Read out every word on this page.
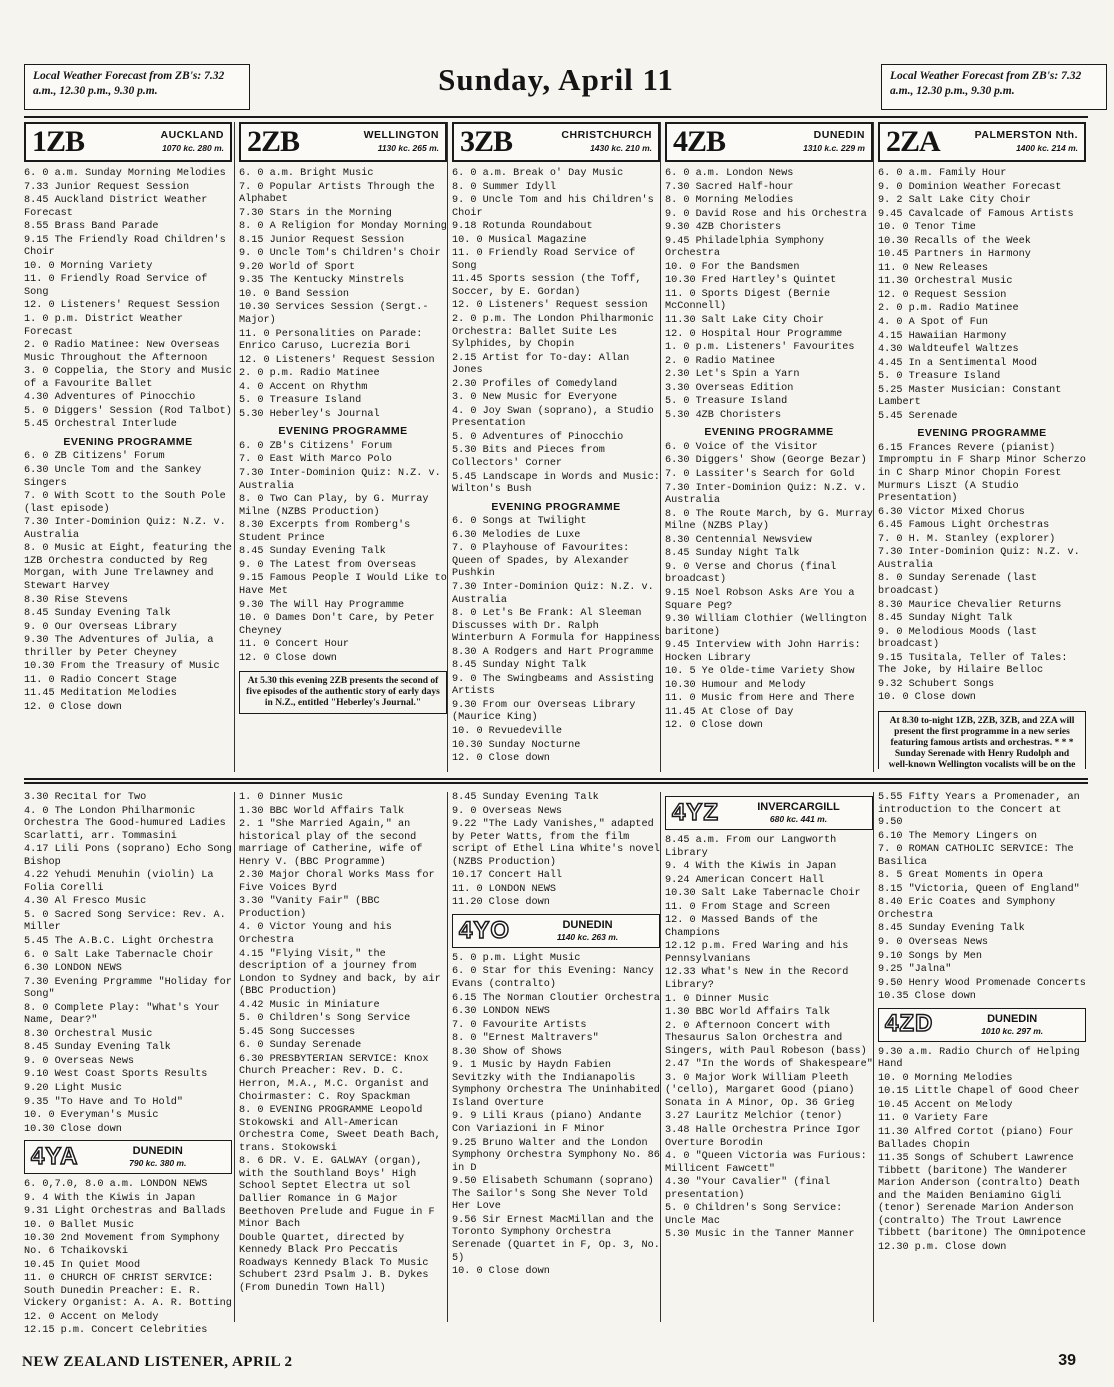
Local Weather Forecast from ZB's: 7.32 a.m., 12.30 p.m., 9.30 p.m.	Sunday, April 11	Local Weather Forecast from ZB's: 7.32 a.m., 12.30 p.m., 9.30 p.m.
1ZB	AUCKLAND
1070 kc. 280 m.
6. 0 a.m. Sunday Morning Melodies
7.33 Junior Request Session
8.45 Auckland District Weather Forecast
8.55 Brass Band Parade
9.15 The Friendly Road Children's Choir
10. 0 Morning Variety
11. 0 Friendly Road Service of Song
12. 0 Listeners' Request Session
1. 0 p.m. District Weather Forecast
2. 0 Radio Matinee: New Overseas Music Throughout the Afternoon
3. 0 Coppelia, the Story and Music of a Favourite Ballet
4.30 Adventures of Pinocchio
5. 0 Diggers' Session (Rod Talbot)
5.45 Orchestral Interlude
EVENING PROGRAMME
6. 0 ZB Citizens' Forum
6.30 Uncle Tom and the Sankey Singers
7. 0 With Scott to the South Pole (last episode)
7.30 Inter-Dominion Quiz: N.Z. v. Australia
8. 0 Music at Eight, featuring the 1ZB Orchestra conducted by Reg Morgan, with June Trelawney and Stewart Harvey
8.30 Rise Stevens
8.45 Sunday Evening Talk
9. 0 Our Overseas Library
9.30 The Adventures of Julia, a thriller by Peter Cheyney
10.30 From the Treasury of Music
11. 0 Radio Concert Stage
11.45 Meditation Melodies
12. 0 Close down
2ZB	WELLINGTON
1130 kc. 265 m.
6. 0 a.m. Bright Music
7. 0 Popular Artists Through the Alphabet
7.30 Stars in the Morning
8. 0 A Religion for Monday Morning
8.15 Junior Request Session
9. 0 Uncle Tom's Children's Choir
9.20 World of Sport
9.35 The Kentucky Minstrels
10. 0 Band Session
10.30 Services Session (Sergt.-Major)
11. 0 Personalities on Parade: Enrico Caruso, Lucrezia Bori
12. 0 Listeners' Request Session
2. 0 p.m. Radio Matinee
4. 0 Accent on Rhythm
5. 0 Treasure Island
5.30 Heberley's Journal
EVENING PROGRAMME
6. 0 ZB's Citizens' Forum
7. 0 East With Marco Polo
7.30 Inter-Dominion Quiz: N.Z. v. Australia
8. 0 Two Can Play, by G. Murray Milne (NZBS Production)
8.30 Excerpts from Romberg's Student Prince
8.45 Sunday Evening Talk
9. 0 The Latest from Overseas
9.15 Famous People I Would Like to Have Met
9.30 The Will Hay Programme
10. 0 Dames Don't Care, by Peter Cheyney
11. 0 Concert Hour
12. 0 Close down
At 5.30 this evening 2ZB presents the second of five episodes of the authentic story of early days in N.Z., entitled "Heberley's Journal."
3ZB	CHRISTCHURCH
1430 kc. 210 m.
6. 0 a.m. Break o' Day Music
8. 0 Summer Idyll
9. 0 Uncle Tom and his Children's Choir
9.18 Rotunda Roundabout
10. 0 Musical Magazine
11. 0 Friendly Road Service of Song
11.45 Sports session (the Toff, Soccer, by E. Gordan)
12. 0 Listeners' Request session
2. 0 p.m. The London Philharmonic Orchestra: Ballet Suite Les Sylphides, by Chopin
2.15 Artist for To-day: Allan Jones
2.30 Profiles of Comedyland
3. 0 New Music for Everyone
4. 0 Joy Swan (soprano), a Studio Presentation
5. 0 Adventures of Pinocchio
5.30 Bits and Pieces from Collectors' Corner
5.45 Landscape in Words and Music: Wilton's Bush
EVENING PROGRAMME
6. 0 Songs at Twilight
6.30 Melodies de Luxe
7. 0 Playhouse of Favourites: Queen of Spades, by Alexander Pushkin
7.30 Inter-Dominion Quiz: N.Z. v. Australia
8. 0 Let's Be Frank: Al Sleeman Discusses with Dr. Ralph Winterburn A Formula for Happiness
8.30 A Rodgers and Hart Programme
8.45 Sunday Night Talk
9. 0 The Swingbeams and Assisting Artists
9.30 From our Overseas Library (Maurice King)
10. 0 Revuedeville
10.30 Sunday Nocturne
12. 0 Close down
4ZB	DUNEDIN
1310 k.c. 229 m
6. 0 a.m. London News
7.30 Sacred Half-hour
8. 0 Morning Melodies
9. 0 David Rose and his Orchestra
9.30 4ZB Choristers
9.45 Philadelphia Symphony Orchestra
10. 0 For the Bandsmen
10.30 Fred Hartley's Quintet
11. 0 Sports Digest (Bernie McConnell)
11.30 Salt Lake City Choir
12. 0 Hospital Hour Programme
1. 0 p.m. Listeners' Favourites
2. 0 Radio Matinee
2.30 Let's Spin a Yarn
3.30 Overseas Edition
5. 0 Treasure Island
5.30 4ZB Choristers
EVENING PROGRAMME
6. 0 Voice of the Visitor
6.30 Diggers' Show (George Bezar)
7. 0 Lassiter's Search for Gold
7.30 Inter-Dominion Quiz: N.Z. v. Australia
8. 0 The Route March, by G. Murray Milne (NZBS Play)
8.30 Centennial Newsview
8.45 Sunday Night Talk
9. 0 Verse and Chorus (final broadcast)
9.15 Noel Robson Asks Are You a Square Peg?
9.30 William Clothier (Wellington baritone)
9.45 Interview with John Harris: Hocken Library
10. 5 Ye Olde-time Variety Show
10.30 Humour and Melody
11. 0 Music from Here and There
11.45 At Close of Day
12. 0 Close down
2ZA	PALMERSTON Nth.
1400 kc. 214 m.
6. 0 a.m. Family Hour
9. 0 Dominion Weather Forecast
9. 2 Salt Lake City Choir
9.45 Cavalcade of Famous Artists
10. 0 Tenor Time
10.30 Recalls of the Week
10.45 Partners in Harmony
11. 0 New Releases
11.30 Orchestral Music
12. 0 Request Session
2. 0 p.m. Radio Matinee
4. 0 A Spot of Fun
4.15 Hawaiian Harmony
4.30 Waldteufel Waltzes
4.45 In a Sentimental Mood
5. 0 Treasure Island
5.25 Master Musician: Constant Lambert
5.45 Serenade
EVENING PROGRAMME
6.15 Frances Revere (pianist) Impromptu in F Sharp Minor Scherzo in C Sharp Minor Chopin Forest Murmurs Liszt (A Studio Presentation)
6.30 Victor Mixed Chorus
6.45 Famous Light Orchestras
7. 0 H. M. Stanley (explorer)
7.30 Inter-Dominion Quiz: N.Z. v. Australia
8. 0 Sunday Serenade (last broadcast)
8.30 Maurice Chevalier Returns
8.45 Sunday Night Talk
9. 0 Melodious Moods (last broadcast)
9.15 Tusitala, Teller of Tales: The Joke, by Hilaire Belloc
9.32 Schubert Songs
10. 0 Close down
At 8.30 to-night 1ZB, 2ZB, 3ZB, and 2ZA will present the first programme in a new series featuring famous artists and orchestras. * * * Sunday Serenade with Henry Rudolph and well-known Wellington vocalists will be on the
3.30 Recital for Two
4. 0 The London Philharmonic Orchestra The Good-humured Ladies Scarlatti, arr. Tommasini
4.17 Lili Pons (soprano) Echo Song Bishop
4.22 Yehudi Menuhin (violin) La Folia Corelli
4.30 Al Fresco Music
5. 0 Sacred Song Service: Rev. A. Miller
5.45 The A.B.C. Light Orchestra
6. 0 Salt Lake Tabernacle Choir
6.30 LONDON NEWS
7.30 Evening Prgramme "Holiday for Song"
8. 0 Complete Play: "What's Your Name, Dear?"
8.30 Orchestral Music
8.45 Sunday Evening Talk
9. 0 Overseas News
9.10 West Coast Sports Results
9.20 Light Music
9.35 "To Have and To Hold"
10. 0 Everyman's Music
10.30 Close down
4YA	DUNEDIN
790 kc. 380 m.
6. 0,7.0, 8.0 a.m. LONDON NEWS
9. 4 With the Kiwis in Japan
9.31 Light Orchestras and Ballads
10. 0 Ballet Music
10.30 2nd Movement from Symphony No. 6 Tchaikovski
10.45 In Quiet Mood
11. 0 CHURCH OF CHRIST SERVICE: South Dunedin Preacher: E. R. Vickery Organist: A. A. R. Botting
12. 0 Accent on Melody
12.15 p.m. Concert Celebrities
1. 0 Dinner Music
1.30 BBC World Affairs Talk
2. 1 "She Married Again," an historical play of the second marriage of Catherine, wife of Henry V. (BBC Programme)
2.30 Major Choral Works Mass for Five Voices Byrd
3.30 "Vanity Fair" (BBC Production)
4. 0 Victor Young and his Orchestra
4.15 "Flying Visit," the description of a journey from London to Sydney and back, by air (BBC Production)
4.42 Music in Miniature
5. 0 Children's Song Service
5.45 Song Successes
6. 0 Sunday Serenade
6.30 PRESBYTERIAN SERVICE: Knox Church Preacher: Rev. D. C. Herron, M.A., M.C. Organist and Choirmaster: C. Roy Spackman
8. 0 EVENING PROGRAMME Leopold Stokowski and All-American Orchestra Come, Sweet Death Bach, trans. Stokowski
8. 6 DR. V. E. GALWAY (organ), with the Southland Boys' High School Septet Electra ut sol Dallier Romance in G Major Beethoven Prelude and Fugue in F Minor Bach
Double Quartet, directed by Kennedy Black Pro Peccatis Roadways Kennedy Black To Music Schubert 23rd Psalm J. B. Dykes (From Dunedin Town Hall)
8.45 Sunday Evening Talk
9. 0 Overseas News
9.22 "The Lady Vanishes," adapted by Peter Watts, from the film script of Ethel Lina White's novel (NZBS Production)
10.17 Concert Hall
11. 0 LONDON NEWS
11.20 Close down
4YO	DUNEDIN
1140 kc. 263 m.
5. 0 p.m. Light Music
6. 0 Star for this Evening: Nancy Evans (contralto)
6.15 The Norman Cloutier Orchestra
6.30 LONDON NEWS
7. 0 Favourite Artists
8. 0 "Ernest Maltravers"
8.30 Show of Shows
9. 1 Music by Haydn Fabien Sevitzky with the Indianapolis Symphony Orchestra The Uninhabited Island Overture
9. 9 Lili Kraus (piano) Andante Con Variazioni in F Minor
9.25 Bruno Walter and the London Symphony Orchestra Symphony No. 86 in D
9.50 Elisabeth Schumann (soprano) The Sailor's Song She Never Told Her Love
9.56 Sir Ernest MacMillan and the Toronto Symphony Orchestra Serenade (Quartet in F, Op. 3, No. 5)
10. 0 Close down
4YZ	INVERCARGILL
680 kc. 441 m.
8.45 a.m. From our Langworth Library
9. 4 With the Kiwis in Japan
9.24 American Concert Hall
10.30 Salt Lake Tabernacle Choir
11. 0 From Stage and Screen
12. 0 Massed Bands of the Champions
12.12 p.m. Fred Waring and his Pennsylvanians
12.33 What's New in the Record Library?
1. 0 Dinner Music
1.30 BBC World Affairs Talk
2. 0 Afternoon Concert with Thesaurus Salon Orchestra and Singers, with Paul Robeson (bass)
2.47 "In the Words of Shakespeare"
3. 0 Major Work William Pleeth ('cello), Margaret Good (piano) Sonata in A Minor, Op. 36 Grieg
3.27 Lauritz Melchior (tenor)
3.48 Halle Orchestra Prince Igor Overture Borodin
4. 0 "Queen Victoria was Furious: Millicent Fawcett"
4.30 "Your Cavalier" (final presentation)
5. 0 Children's Song Service: Uncle Mac
5.30 Music in the Tanner Manner
5.55 Fifty Years a Promenader, an introduction to the Concert at 9.50
6.10 The Memory Lingers on
7. 0 ROMAN CATHOLIC SERVICE: The Basilica
8. 5 Great Moments in Opera
8.15 "Victoria, Queen of England"
8.40 Eric Coates and Symphony Orchestra
8.45 Sunday Evening Talk
9. 0 Overseas News
9.10 Songs by Men
9.25 "Jalna"
9.50 Henry Wood Promenade Concerts
10.35 Close down
4ZD	DUNEDIN
1010 kc. 297 m.
9.30 a.m. Radio Church of Helping Hand
10. 0 Morning Melodies
10.15 Little Chapel of Good Cheer
10.45 Accent on Melody
11. 0 Variety Fare
11.30 Alfred Cortot (piano) Four Ballades Chopin
11.35 Songs of Schubert Lawrence Tibbett (baritone) The Wanderer Marion Anderson (contralto) Death and the Maiden Beniamino Gigli (tenor) Serenade Marion Anderson (contralto) The Trout Lawrence Tibbett (baritone) The Omnipotence
12.30 p.m. Close down
NEW ZEALAND LISTENER, APRIL 2	39
